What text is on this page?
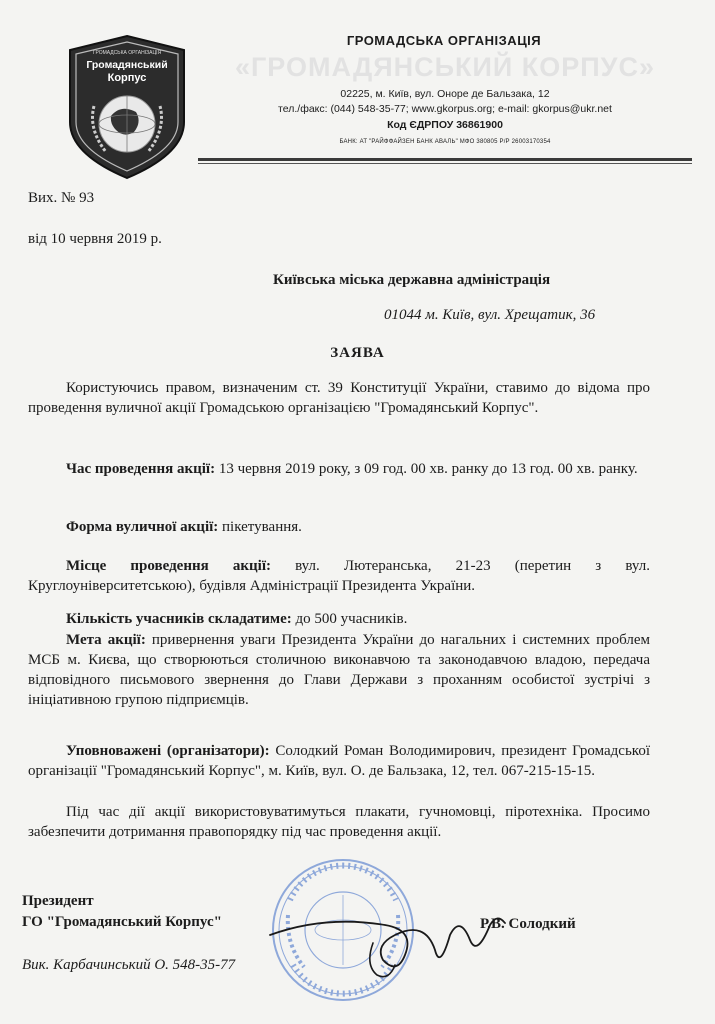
ГРОМАДСЬКА ОРГАНІЗАЦІЯ
Громадянський
Корпус
ГРОМАДСЬКА ОРГАНІЗАЦІЯ
«ГРОМАДЯНСЬКИЙ КОРПУС»
02225, м. Київ, вул. Оноре де Бальзака, 12
тел./факс: (044) 548-35-77; www.gkorpus.org; e-mail: gkorpus@ukr.net
Код ЄДРПОУ 36861900
БАНК: АТ "РАЙФФАЙЗЕН БАНК АВАЛЬ" МФО 380805 Р/Р 26003170354
Вих. № 93
від 10 червня 2019 р.
Київська міська державна адміністрація
01044 м. Київ, вул. Хрещатик, 36
ЗАЯВА
Користуючись правом, визначеним ст. 39 Конституції України, ставимо до відома про проведення вуличної акції Громадською організацією "Громадянський Корпус".
Час проведення акції: 13 червня 2019 року, з 09 год. 00 хв. ранку до 13 год. 00 хв. ранку.
Форма вуличної акції: пікетування.
Місце проведення акції: вул. Лютеранська, 21-23 (перетин з вул. Круглоуніверситетською), будівля Адміністрації Президента України.
Кількість учасників складатиме: до 500 учасників.
Мета акції: привернення уваги Президента України до нагальних і системних проблем МСБ м. Києва, що створюються столичною виконавчою та законодавчою владою, передача відповідного письмового звернення до Глави Держави з проханням особистої зустрічі з ініціативною групою підприємців.
Уповноважені (організатори): Солодкий Роман Володимирович, президент Громадської організації "Громадянський Корпус", м. Київ, вул. О. де Бальзака, 12, тел. 067-215-15-15.
Під час дії акції використовуватимуться плакати, гучномовці, піротехніка. Просимо забезпечити дотримання правопорядку під час проведення акції.
Президент
ГО "Громадянський Корпус"	Р.В. Солодкий
Вик. Карбачинський О. 548-35-77
